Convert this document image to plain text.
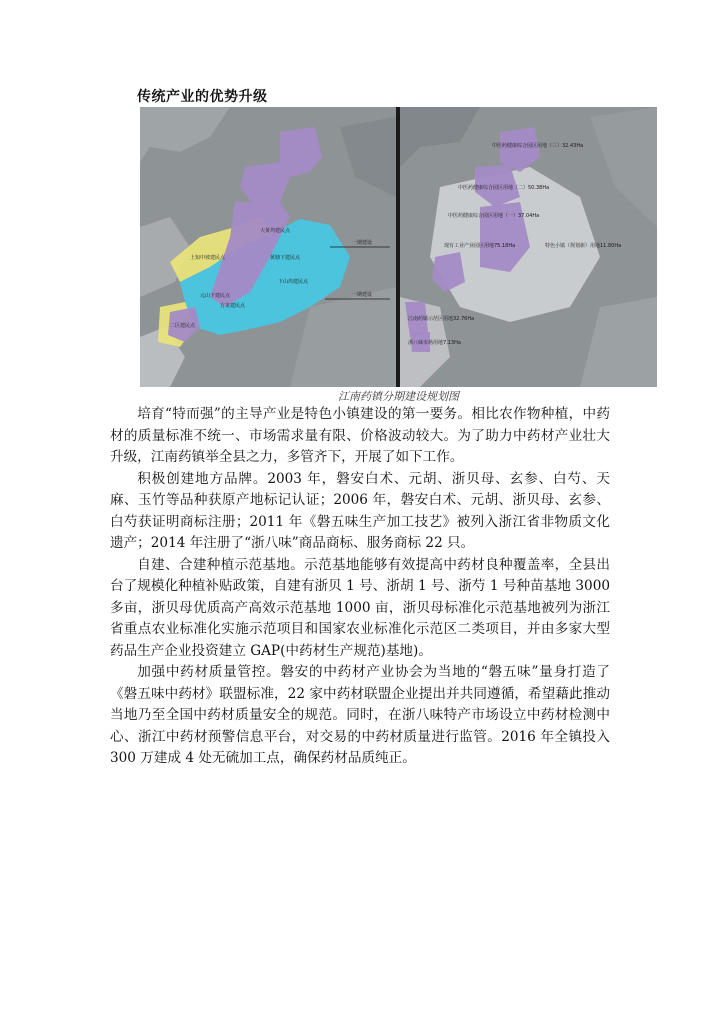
传统产业的优势升级
大黄坞建民点
黄塘下建民点
上知中坡建民点
下山坞建民点
元山下建民点
方龙建民点
二区建民点
一期建设
一期建设
中医药健康综合园区用地（三）32.43Ha
中医药健康综合园区用地（二）50.38Ha
中医药健康综合园区用地（一）37.04Ha
现有工业产业园区用地75.18Ha	特色小镇（规划新）用地11.80Ha
江南药镇示范区用地32.76Ha
浙八味市场用地7.13Ha
江南药镇分期建设规划图

培育“特而强”的主导产业是特色小镇建设的第一要务。相比农作物种植，中药材的质量标准不统一、市场需求量有限、价格波动较大。为了助力中药材产业壮大升级，江南药镇举全县之力，多管齐下，开展了如下工作。

积极创建地方品牌。2003 年，磐安白术、元胡、浙贝母、玄参、白芍、天麻、玉竹等品种获原产地标记认证；2006 年，磐安白术、元胡、浙贝母、玄参、白芍获证明商标注册；2011 年《磐五味生产加工技艺》被列入浙江省非物质文化遗产；2014 年注册了“浙八味”商品商标、服务商标 22 只。

自建、合建种植示范基地。示范基地能够有效提高中药材良种覆盖率，全县出台了规模化种植补贴政策，自建有浙贝 1 号、浙胡 1 号、浙芍 1 号种苗基地 3000 多亩，浙贝母优质高产高效示范基地 1000 亩，浙贝母标准化示范基地被列为浙江省重点农业标准化实施示范项目和国家农业标准化示范区二类项目，并由多家大型药品生产企业投资建立 GAP(中药材生产规范)基地)。

加强中药材质量管控。磐安的中药材产业协会为当地的“磐五味”量身打造了《磐五味中药材》联盟标准，22 家中药材联盟企业提出并共同遵循，希望藉此推动当地乃至全国中药材质量安全的规范。同时，在浙八味特产市场设立中药材检测中心、浙江中药材预警信息平台，对交易的中药材质量进行监管。2016 年全镇投入 300 万建成 4 处无硫加工点，确保药材品质纯正。
